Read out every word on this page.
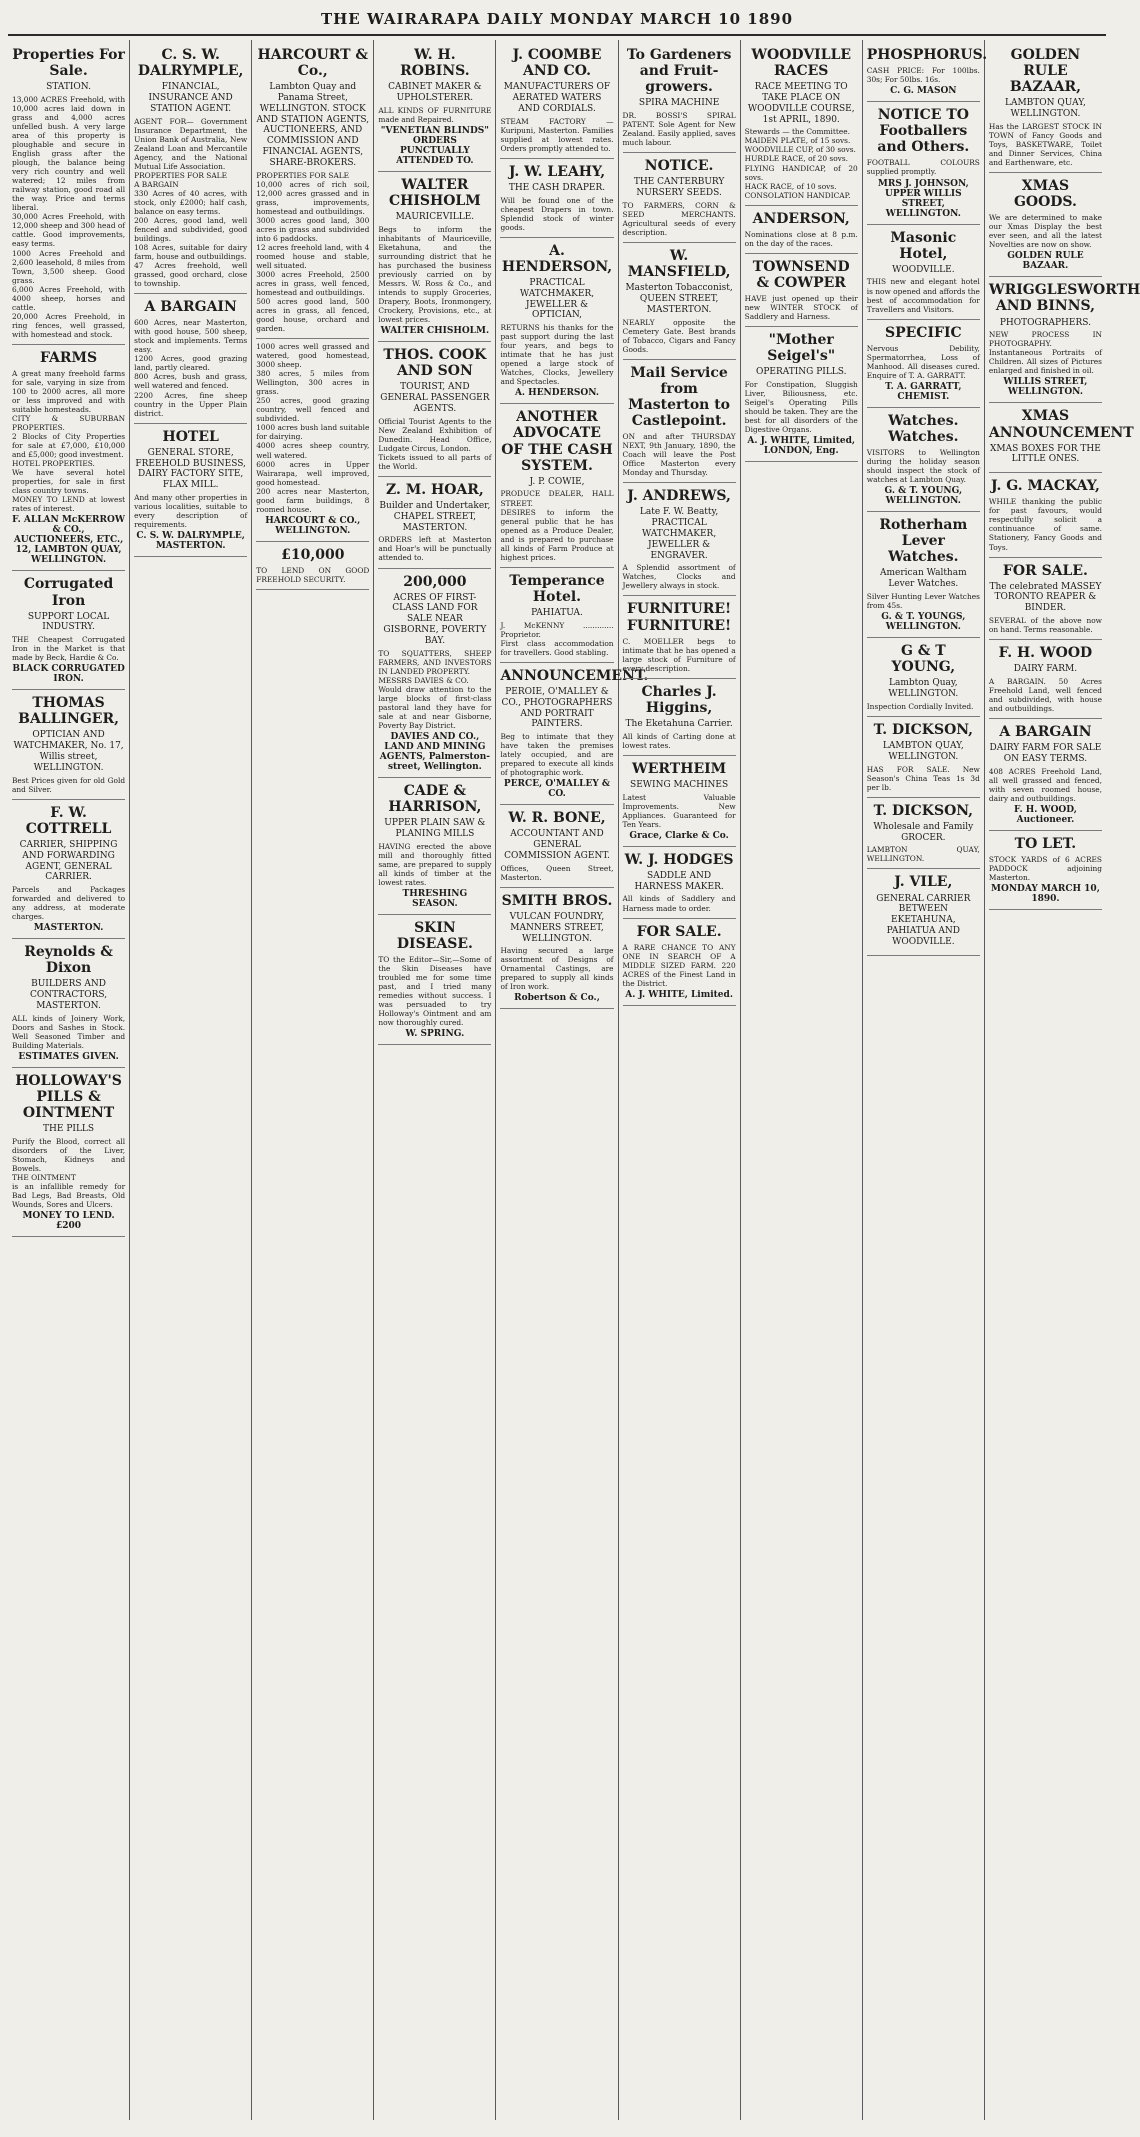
THE WAIRARAPA DAILY MONDAY MARCH 10 1890
Properties For Sale.
STATION.
13,000 ACRES Freehold, with 10,000 acres laid down in grass and 4,000 acres unfelled bush. A very large area of this property is ploughable and secure in English grass after the plough, the balance being very rich country and well watered; 12 miles from railway station, good road all the way. Price and terms liberal.
30,000 Acres Freehold, with 12,000 sheep and 300 head of cattle. Good improvements, easy terms.
1000 Acres Freehold and 2,600 leasehold, 8 miles from Town, 3,500 sheep. Good grass.
6,000 Acres Freehold, with 4000 sheep, horses and cattle.
20,000 Acres Freehold, in ring fences, well grassed, with homestead and stock.
FARMS
A great many freehold farms for sale, varying in size from 100 to 2000 acres, all more or less improved and with suitable homesteads.
CITY & SUBURBAN PROPERTIES.
2 Blocks of City Properties for sale at £7,000, £10,000 and £5,000; good investment.
HOTEL PROPERTIES.
We have several hotel properties, for sale in first class country towns.
MONEY TO LEND at lowest rates of interest.
F. ALLAN McKERROW & CO., AUCTIONEERS, ETC., 12, LAMBTON QUAY, WELLINGTON.
Corrugated Iron
SUPPORT LOCAL INDUSTRY.
THE Cheapest Corrugated Iron in the Market is that made by Beck, Hardie & Co.
BLACK CORRUGATED IRON.
THOMAS BALLINGER,
OPTICIAN AND WATCHMAKER, No. 17, Willis street, WELLINGTON.
Best Prices given for old Gold and Silver.
F. W. COTTRELL
CARRIER, SHIPPING AND FORWARDING AGENT, GENERAL CARRIER.
Parcels and Packages forwarded and delivered to any address, at moderate charges.
MASTERTON.
Reynolds & Dixon
BUILDERS AND CONTRACTORS, MASTERTON.
ALL kinds of Joinery Work, Doors and Sashes in Stock. Well Seasoned Timber and Building Materials.
ESTIMATES GIVEN.
HOLLOWAY'S PILLS & OINTMENT
THE PILLS
Purify the Blood, correct all disorders of the Liver, Stomach, Kidneys and Bowels.
THE OINTMENT
is an infallible remedy for Bad Legs, Bad Breasts, Old Wounds, Sores and Ulcers.
MONEY TO LEND. £200
C. S. W. DALRYMPLE,
FINANCIAL, INSURANCE AND STATION AGENT.
AGENT FOR— Government Insurance Department, the Union Bank of Australia, New Zealand Loan and Mercantile Agency, and the National Mutual Life Association.
PROPERTIES FOR SALE
A BARGAIN
330 Acres of 40 acres, with stock, only £2000; half cash, balance on easy terms.
200 Acres, good land, well fenced and subdivided, good buildings.
108 Acres, suitable for dairy farm, house and outbuildings.
47 Acres freehold, well grassed, good orchard, close to township.
A BARGAIN
600 Acres, near Masterton, with good house, 500 sheep, stock and implements. Terms easy.
1200 Acres, good grazing land, partly cleared.
800 Acres, bush and grass, well watered and fenced.
2200 Acres, fine sheep country in the Upper Plain district.
HOTEL
GENERAL STORE, FREEHOLD BUSINESS, DAIRY FACTORY SITE, FLAX MILL.
And many other properties in various localities, suitable to every description of requirements.
C. S. W. DALRYMPLE, MASTERTON.
HARCOURT & Co.,
Lambton Quay and Panama Street, WELLINGTON. STOCK AND STATION AGENTS, AUCTIONEERS, AND COMMISSION AND FINANCIAL AGENTS, SHARE-BROKERS.
PROPERTIES FOR SALE
10,000 acres of rich soil, 12,000 acres grassed and in grass, improvements, homestead and outbuildings.
3000 acres good land, 300 acres in grass and subdivided into 6 paddocks.
12 acres freehold land, with 4 roomed house and stable, well situated.
3000 acres Freehold, 2500 acres in grass, well fenced, homestead and outbuildings.
500 acres good land, 500 acres in grass, all fenced, good house, orchard and garden.
1000 acres well grassed and watered, good homestead, 3000 sheep.
380 acres, 5 miles from Wellington, 300 acres in grass.
250 acres, good grazing country, well fenced and subdivided.
1000 acres bush land suitable for dairying.
4000 acres sheep country, well watered.
6000 acres in Upper Wairarapa, well improved, good homestead.
200 acres near Masterton, good farm buildings, 8 roomed house.
HARCOURT & CO., WELLINGTON.
£10,000
TO LEND ON GOOD FREEHOLD SECURITY.
W. H. ROBINS.
CABINET MAKER & UPHOLSTERER.
ALL KINDS OF FURNITURE made and Repaired.
"VENETIAN BLINDS" ORDERS PUNCTUALLY ATTENDED TO.
WALTER CHISHOLM
MAURICEVILLE.
Begs to inform the inhabitants of Mauriceville, Eketahuna, and the surrounding district that he has purchased the business previously carried on by Messrs. W. Ross & Co., and intends to supply Groceries, Drapery, Boots, Ironmongery, Crockery, Provisions, etc., at lowest prices.
WALTER CHISHOLM.
THOS. COOK AND SON
TOURIST, AND GENERAL PASSENGER AGENTS.
Official Tourist Agents to the New Zealand Exhibition of Dunedin. Head Office, Ludgate Circus, London.
Tickets issued to all parts of the World.
Z. M. HOAR,
Builder and Undertaker, CHAPEL STREET, MASTERTON.
ORDERS left at Masterton and Hoar's will be punctually attended to.
200,000
ACRES OF FIRST-CLASS LAND FOR SALE NEAR GISBORNE, POVERTY BAY.
TO SQUATTERS, SHEEP FARMERS, AND INVESTORS IN LANDED PROPERTY.
MESSRS DAVIES & CO.
Would draw attention to the large blocks of first-class pastoral land they have for sale at and near Gisborne, Poverty Bay District.
DAVIES AND CO., LAND AND MINING AGENTS, Palmerston-street, Wellington.
CADE & HARRISON,
UPPER PLAIN SAW & PLANING MILLS
HAVING erected the above mill and thoroughly fitted same, are prepared to supply all kinds of timber at the lowest rates.
THRESHING SEASON.
SKIN DISEASE.
TO the Editor—Sir,—Some of the Skin Diseases have troubled me for some time past, and I tried many remedies without success. I was persuaded to try Holloway's Ointment and am now thoroughly cured.
W. SPRING.
J. COOMBE AND CO.
MANUFACTURERS OF AERATED WATERS AND CORDIALS.
STEAM FACTORY — Kuripuni, Masterton. Families supplied at lowest rates. Orders promptly attended to.
J. W. LEAHY,
THE CASH DRAPER.
Will be found one of the cheapest Drapers in town. Splendid stock of winter goods.
A. HENDERSON,
PRACTICAL WATCHMAKER, JEWELLER & OPTICIAN,
RETURNS his thanks for the past support during the last four years, and begs to intimate that he has just opened a large stock of Watches, Clocks, Jewellery and Spectacles.
A. HENDERSON.
ANOTHER ADVOCATE OF THE CASH SYSTEM.
J. P. COWIE,
PRODUCE DEALER, HALL STREET.
DESIRES to inform the general public that he has opened as a Produce Dealer, and is prepared to purchase all kinds of Farm Produce at highest prices.
Temperance Hotel.
PAHIATUA.
J. McKENNY ............. Proprietor.
First class accommodation for travellers. Good stabling.
ANNOUNCEMENT.
PEROIE, O'MALLEY & CO., PHOTOGRAPHERS AND PORTRAIT PAINTERS.
Beg to intimate that they have taken the premises lately occupied, and are prepared to execute all kinds of photographic work.
PERCE, O'MALLEY & CO.
W. R. BONE,
ACCOUNTANT AND GENERAL COMMISSION AGENT.
Offices, Queen Street, Masterton.
SMITH BROS.
VULCAN FOUNDRY, MANNERS STREET, WELLINGTON.
Having secured a large assortment of Designs of Ornamental Castings, are prepared to supply all kinds of Iron work.
Robertson & Co.,
To Gardeners and Fruit-growers.
SPIRA MACHINE
DR. BOSSI'S SPIRAL PATENT. Sole Agent for New Zealand. Easily applied, saves much labour.
NOTICE.
THE CANTERBURY NURSERY SEEDS.
TO FARMERS, CORN & SEED MERCHANTS. Agricultural seeds of every description.
W. MANSFIELD,
Masterton Tobacconist, QUEEN STREET, MASTERTON.
NEARLY opposite the Cemetery Gate. Best brands of Tobacco, Cigars and Fancy Goods.
Mail Service from Masterton to Castlepoint.
ON and after THURSDAY NEXT, 9th January, 1890, the Coach will leave the Post Office Masterton every Monday and Thursday.
J. ANDREWS,
Late F. W. Beatty, PRACTICAL WATCHMAKER, JEWELLER & ENGRAVER.
A Splendid assortment of Watches, Clocks and Jewellery always in stock.
FURNITURE! FURNITURE!
C. MOELLER begs to intimate that he has opened a large stock of Furniture of every description.
Charles J. Higgins,
The Eketahuna Carrier.
All kinds of Carting done at lowest rates.
WERTHEIM
SEWING MACHINES
Latest Valuable Improvements. New Appliances. Guaranteed for Ten Years.
Grace, Clarke & Co.
W. J. HODGES
SADDLE AND HARNESS MAKER.
All kinds of Saddlery and Harness made to order.
FOR SALE.
A RARE CHANCE TO ANY ONE IN SEARCH OF A MIDDLE SIZED FARM. 220 ACRES of the Finest Land in the District.
A. J. WHITE, Limited.
WOODVILLE RACES
RACE MEETING TO TAKE PLACE ON WOODVILLE COURSE, 1st APRIL, 1890.
Stewards — the Committee.
MAIDEN PLATE, of 15 sovs.
WOODVILLE CUP, of 30 sovs.
HURDLE RACE, of 20 sovs.
FLYING HANDICAP, of 20 sovs.
HACK RACE, of 10 sovs.
CONSOLATION HANDICAP.
ANDERSON,
Nominations close at 8 p.m. on the day of the races.
TOWNSEND & COWPER
HAVE just opened up their new WINTER STOCK of Saddlery and Harness.
"Mother Seigel's"
OPERATING PILLS.
For Constipation, Sluggish Liver, Biliousness, etc. Seigel's Operating Pills should be taken. They are the best for all disorders of the Digestive Organs.
A. J. WHITE, Limited, LONDON, Eng.
PHOSPHORUS.
CASH PRICE: For 100lbs. 30s; For 50lbs. 16s.
C. G. MASON
NOTICE TO Footballers and Others.
FOOTBALL COLOURS supplied promptly.
MRS J. JOHNSON, UPPER WILLIS STREET, WELLINGTON.
Masonic Hotel,
WOODVILLE.
THIS new and elegant hotel is now opened and affords the best of accommodation for Travellers and Visitors.
SPECIFIC
Nervous Debility, Spermatorrhea, Loss of Manhood. All diseases cured. Enquire of T. A. GARRATT.
T. A. GARRATT, CHEMIST.
Watches. Watches.
VISITORS to Wellington during the holiday season should inspect the stock of watches at Lambton Quay.
G. & T. YOUNG, WELLINGTON.
Rotherham Lever Watches.
American Waltham Lever Watches.
Silver Hunting Lever Watches from 45s.
G. & T. YOUNGS, WELLINGTON.
G & T YOUNG,
Lambton Quay, WELLINGTON.
Inspection Cordially Invited.
T. DICKSON,
LAMBTON QUAY, WELLINGTON.
HAS FOR SALE. New Season's China Teas 1s 3d per lb.
T. DICKSON,
Wholesale and Family GROCER.
LAMBTON QUAY, WELLINGTON.
J. VILE,
GENERAL CARRIER BETWEEN EKETAHUNA, PAHIATUA AND WOODVILLE.
GOLDEN RULE BAZAAR,
LAMBTON QUAY, WELLINGTON.
Has the LARGEST STOCK IN TOWN of Fancy Goods and Toys, BASKETWARE, Toilet and Dinner Services, China and Earthenware, etc.
XMAS GOODS.
We are determined to make our Xmas Display the best ever seen, and all the latest Novelties are now on show.
GOLDEN RULE BAZAAR.
WRIGGLESWORTH AND BINNS,
PHOTOGRAPHERS.
NEW PROCESS IN PHOTOGRAPHY. Instantaneous Portraits of Children. All sizes of Pictures enlarged and finished in oil.
WILLIS STREET, WELLINGTON.
XMAS ANNOUNCEMENT
XMAS BOXES FOR THE LITTLE ONES.
J. G. MACKAY,
WHILE thanking the public for past favours, would respectfully solicit a continuance of same. Stationery, Fancy Goods and Toys.
FOR SALE.
The celebrated MASSEY TORONTO REAPER & BINDER.
SEVERAL of the above now on hand. Terms reasonable.
F. H. WOOD
DAIRY FARM.
A BARGAIN. 50 Acres Freehold Land, well fenced and subdivided, with house and outbuildings.
A BARGAIN
DAIRY FARM FOR SALE ON EASY TERMS.
408 ACRES Freehold Land, all well grassed and fenced, with seven roomed house, dairy and outbuildings.
F. H. WOOD, Auctioneer.
TO LET.
STOCK YARDS of 6 ACRES PADDOCK adjoining Masterton.
MONDAY MARCH 10, 1890.
